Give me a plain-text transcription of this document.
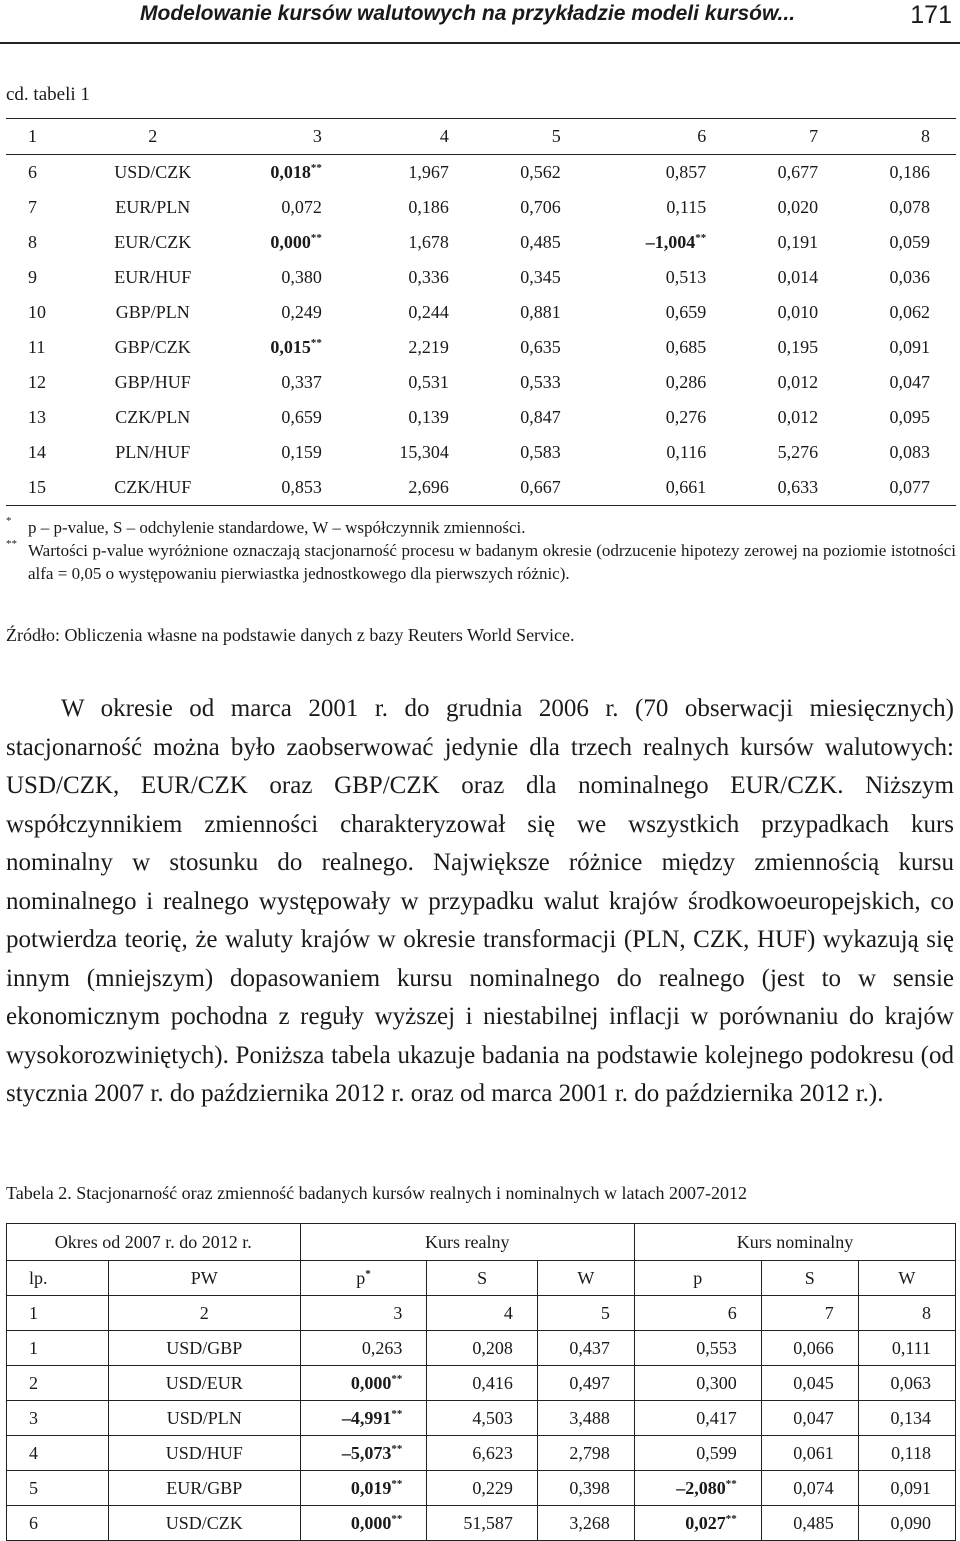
Modelowanie kursów walutowych na przykładzie modeli kursów...	171
cd. tabeli 1
1	2	3	4	5	6	7	8
6	USD/CZK	0,018**	1,967	0,562	0,857	0,677	0,186
7	EUR/PLN	0,072	0,186	0,706	0,115	0,020	0,078
8	EUR/CZK	0,000**	1,678	0,485	–1,004**	0,191	0,059
9	EUR/HUF	0,380	0,336	0,345	0,513	0,014	0,036
10	GBP/PLN	0,249	0,244	0,881	0,659	0,010	0,062
11	GBP/CZK	0,015**	2,219	0,635	0,685	0,195	0,091
12	GBP/HUF	0,337	0,531	0,533	0,286	0,012	0,047
13	CZK/PLN	0,659	0,139	0,847	0,276	0,012	0,095
14	PLN/HUF	0,159	15,304	0,583	0,116	5,276	0,083
15	CZK/HUF	0,853	2,696	0,667	0,661	0,633	0,077
* p – p-value, S – odchylenie standardowe, W – współczynnik zmienności.
** Wartości p-value wyróżnione oznaczają stacjonarność procesu w badanym okresie (odrzucenie hipotezy zerowej na poziomie istotności alfa = 0,05 o występowaniu pierwiastka jednostkowego dla pierwszych różnic).
Źródło: Obliczenia własne na podstawie danych z bazy Reuters World Service.
W okresie od marca 2001 r. do grudnia 2006 r. (70 obserwacji miesięcznych) stacjonarność można było zaobserwować jedynie dla trzech realnych kursów walutowych: USD/CZK, EUR/CZK oraz GBP/CZK oraz dla nominalnego EUR/CZK. Niższym współczynnikiem zmienności charakteryzował się we wszystkich przypadkach kurs nominalny w stosunku do realnego. Największe różnice między zmiennością kursu nominalnego i realnego występowały w przypadku walut krajów środkowoeuropejskich, co potwierdza teorię, że waluty krajów w okresie transformacji (PLN, CZK, HUF) wykazują się innym (mniejszym) dopasowaniem kursu nominalnego do realnego (jest to w sensie ekonomicznym pochodna z reguły wyższej i niestabilnej inflacji w porównaniu do krajów wysokorozwiniętych). Poniższa tabela ukazuje badania na podstawie kolejnego podokresu (od stycznia 2007 r. do października 2012 r. oraz od marca 2001 r. do października 2012 r.).
Tabela 2. Stacjonarność oraz zmienność badanych kursów realnych i nominalnych w latach 2007-2012
Okres od 2007 r. do 2012 r.		Kurs realny			Kurs nominalny		
lp.	PW	p*	S	W	p	S	W
1	2	3	4	5	6	7	8
1	USD/GBP	0,263	0,208	0,437	0,553	0,066	0,111
2	USD/EUR	0,000**	0,416	0,497	0,300	0,045	0,063
3	USD/PLN	–4,991**	4,503	3,488	0,417	0,047	0,134
4	USD/HUF	–5,073**	6,623	2,798	0,599	0,061	0,118
5	EUR/GBP	0,019**	0,229	0,398	–2,080**	0,074	0,091
6	USD/CZK	0,000**	51,587	3,268	0,027**	0,485	0,090
